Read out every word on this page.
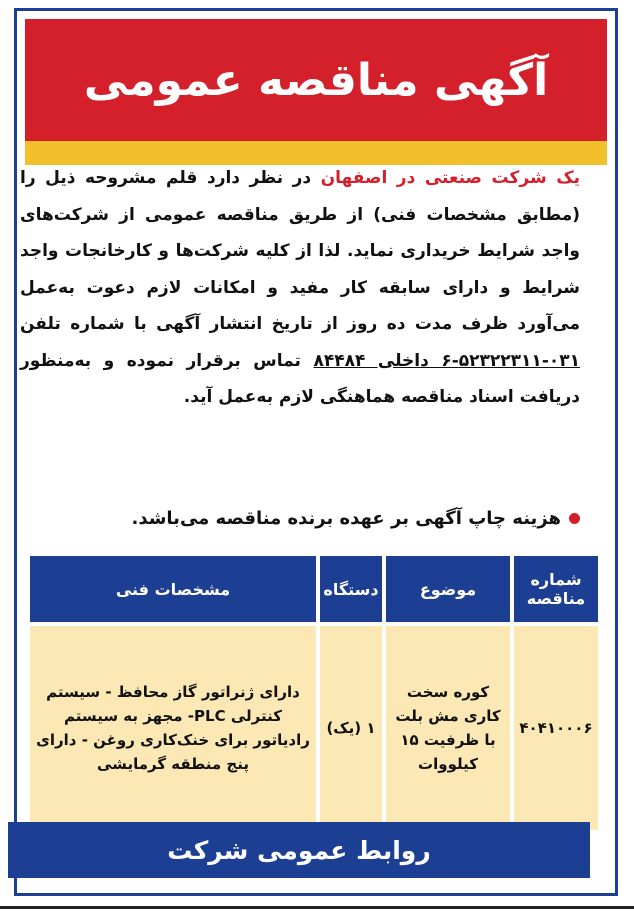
آگهی مناقصه عمومی
یک شرکت صنعتی در اصفهان در نظر دارد قلم مشروحه ذیل را (مطابق مشخصات فنی) از طریق مناقصه عمومی از شرکت‌های واجد شرایط خریداری نماید. لذا از کلیه شرکت‌ها و کارخانجات واجد شرایط و دارای سابقه کار مفید و امکانات لازم دعوت به‌عمل می‌آورد ظرف مدت ده روز از تاریخ انتشار آگهی با شماره تلفن ۰۳۱-۵۲۳۲۲۳۱۱-۶ داخلی ۸۴۴۸۴ تماس برقرار نموده و به‌منظور دریافت اسناد مناقصه هماهنگی لازم به‌عمل آید.
هزینه چاپ آگهی بر عهده برنده مناقصه می‌باشد.
شماره مناقصه	موضوع	دستگاه	مشخصات فنی
۴۰۴۱۰۰۰۶	کوره سخت کاری مش بلت با ظرفیت ۱۵ کیلووات	۱ (یک)	دارای ژنراتور گاز محافظ - سیستم کنترلی PLC- مجهز به سیستم رادیاتور برای خنک‌کاری روغن - دارای پنج منطقه گرمایشی
روابط عمومی شرکت
